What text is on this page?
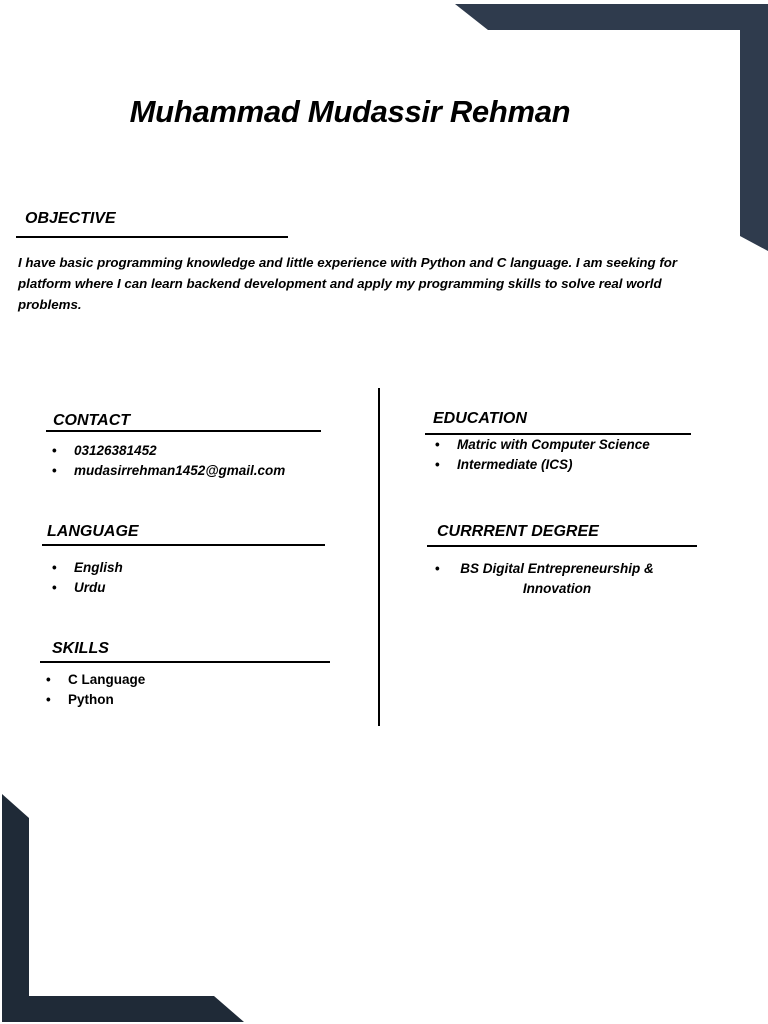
Muhammad Mudassir Rehman
OBJECTIVE

I have basic programming knowledge and little experience with Python and C language. I am seeking for platform where I can learn backend development and apply my programming skills to solve real world problems.

CONTACT
•	03126381452
•	mudasirrehman1452@gmail.com
LANGUAGE
•	English
•	Urdu
SKILLS
•	C Language
•	Python
EDUCATION
•	Matric with Computer Science
•	Intermediate (ICS)
CURRRENT DEGREE
•	BS Digital Entrepreneurship & Innovation
